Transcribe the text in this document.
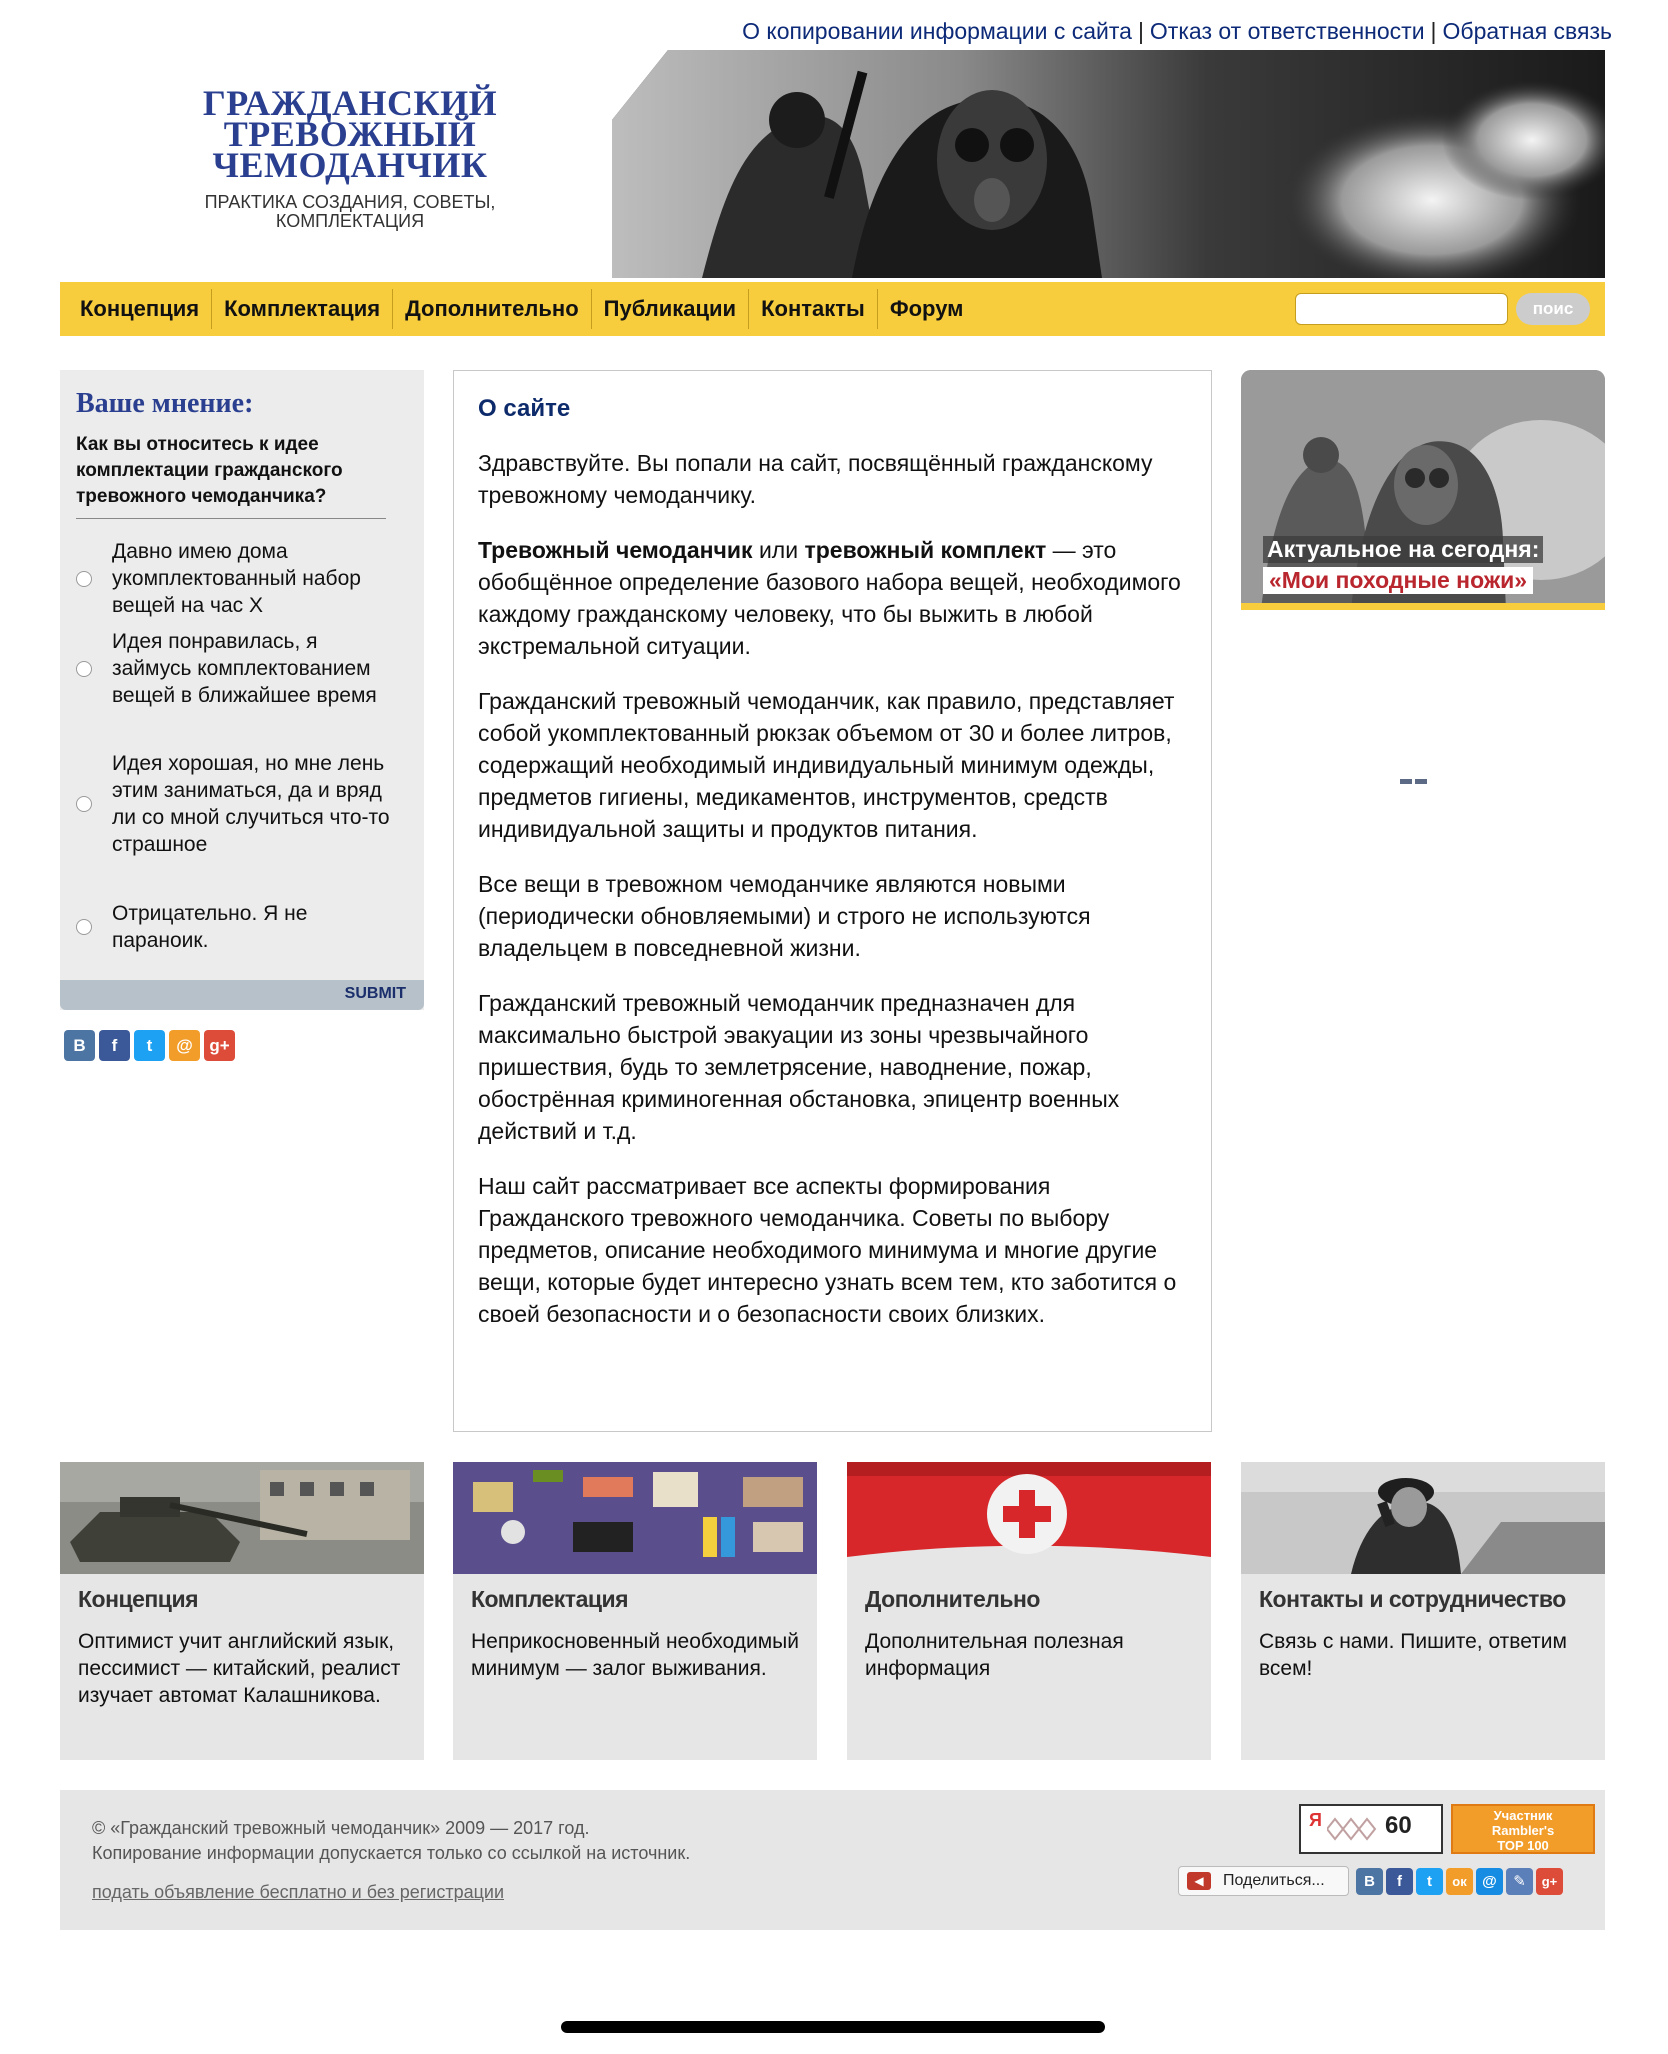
О копировании информации с сайта | Отказ от ответственности | Обратная связь
ГРАЖДАНСКИЙ
ТРЕВОЖНЫЙ
ЧЕМОДАНЧИК
ПРАКТИКА СОЗДАНИЯ, СОВЕТЫ, КОМПЛЕКТАЦИЯ
Концепция	Комплектация	Дополнительно	Публикации	Контакты	Форум	поис
Ваше мнение:
Как вы относитесь к идее комплектации гражданского тревожного чемоданчика?
Давно имею дома укомплектованный набор вещей на час Х
Идея понравилась, я займусь комплектованием вещей в ближайшее время
Идея хорошая, но мне лень этим заниматься, да и вряд ли со мной случиться что-то страшное
Отрицательно. Я не параноик.
SUBMIT
В	f	t	@ g+
О сайте

Здравствуйте. Вы попали на сайт, посвящённый гражданскому тревожному чемоданчику.

Тревожный чемоданчик или тревожный комплект — это обобщённое определение базового набора вещей, необходимого каждому гражданскому человеку, что бы выжить в любой экстремальной ситуации.

Гражданский тревожный чемоданчик, как правило, представляет собой укомплектованный рюкзак объемом от 30 и более литров, содержащий необходимый индивидуальный минимум одежды, предметов гигиены, медикаментов, инструментов, средств индивидуальной защиты и продуктов питания.

Все вещи в тревожном чемоданчике являются новыми (периодически обновляемыми) и строго не используются владельцем в повседневной жизни.

Гражданский тревожный чемоданчик предназначен для максимально быстрой эвакуации из зоны чрезвычайного пришествия, будь то землетрясение, наводнение, пожар, обострённая криминогенная обстановка, эпицентр военных действий и т.д.

Наш сайт рассматривает все аспекты формирования Гражданского тревожного чемоданчика. Советы по выбору предметов, описание необходимого минимума и многие другие вещи, которые будет интересно узнать всем тем, кто заботится о своей безопасности и о безопасности своих близких.

Актуальное на сегодня:
«Мои походные ножи»
Концепция
Оптимист учит английский язык, пессимист — китайский, реалист изучает автомат Калашникова.
Комплектация
Неприкосновенный необходимый минимум — залог выживания.
Дополнительно
Дополнительная полезная информация
Контакты и сотрудничество
Связь с нами. Пишите, ответим всем!
© «Гражданский тревожный чемоданчик» 2009 — 2017 год.
Копирование информации допускается только со ссылкой на источник.
подать объявление бесплатно и без регистрации
Я	60	Участник
Rambler's
TOP 100
◀	Поделиться...	В	f	t	ок	@	✎	g+
